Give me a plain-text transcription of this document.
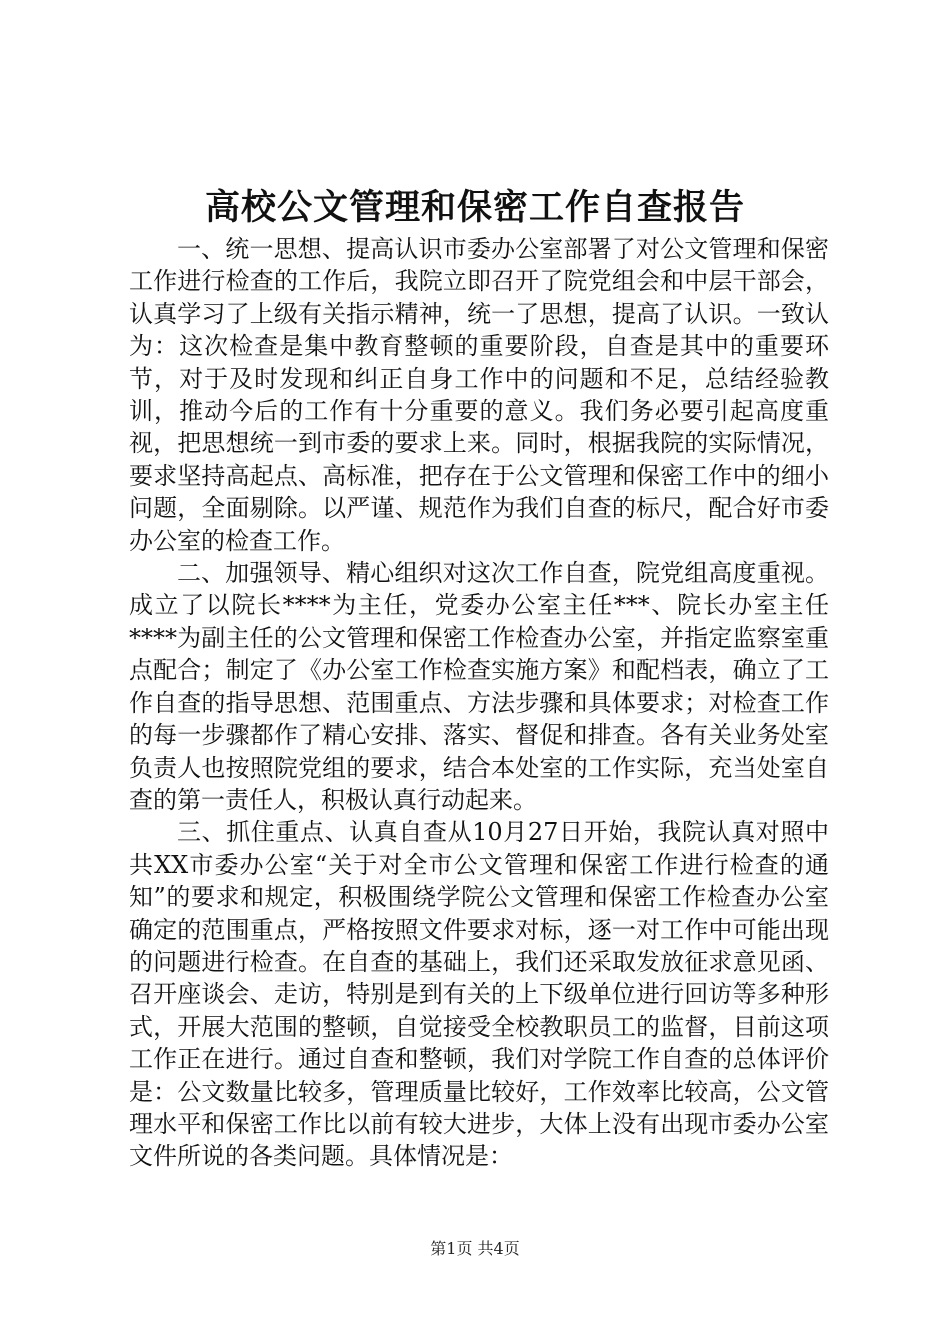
高校公文管理和保密工作自查报告

一、统一思想、提高认识市委办公室部署了对公文管理和保密工作进行检查的工作后，我院立即召开了院党组会和中层干部会，认真学习了上级有关指示精神，统一了思想，提高了认识。一致认为：这次检查是集中教育整顿的重要阶段，自查是其中的重要环节，对于及时发现和纠正自身工作中的问题和不足，总结经验教训，推动今后的工作有十分重要的意义。我们务必要引起高度重视，把思想统一到市委的要求上来。同时，根据我院的实际情况，要求坚持高起点、高标准，把存在于公文管理和保密工作中的细小问题，全面剔除。以严谨、规范作为我们自查的标尺，配合好市委办公室的检查工作。

二、加强领导、精心组织对这次工作自查，院党组高度重视。成立了以院长****为主任，党委办公室主任***、院长办室主任****为副主任的公文管理和保密工作检查办公室，并指定监察室重点配合；制定了《办公室工作检查实施方案》和配档表，确立了工作自查的指导思想、范围重点、方法步骤和具体要求；对检查工作的每一步骤都作了精心安排、落实、督促和排查。各有关业务处室负责人也按照院党组的要求，结合本处室的工作实际，充当处室自查的第一责任人，积极认真行动起来。

三、抓住重点、认真自查从10月27日开始，我院认真对照中共XX市委办公室“关于对全市公文管理和保密工作进行检查的通知”的要求和规定，积极围绕学院公文管理和保密工作检查办公室确定的范围重点，严格按照文件要求对标，逐一对工作中可能出现的问题进行检查。在自查的基础上，我们还采取发放征求意见函、召开座谈会、走访，特别是到有关的上下级单位进行回访等多种形式，开展大范围的整顿，自觉接受全校教职员工的监督，目前这项工作正在进行。通过自查和整顿，我们对学院工作自查的总体评价是：公文数量比较多，管理质量比较好，工作效率比较高，公文管理水平和保密工作比以前有较大进步，大体上没有出现市委办公室文件所说的各类问题。具体情况是：

第1页 共4页
